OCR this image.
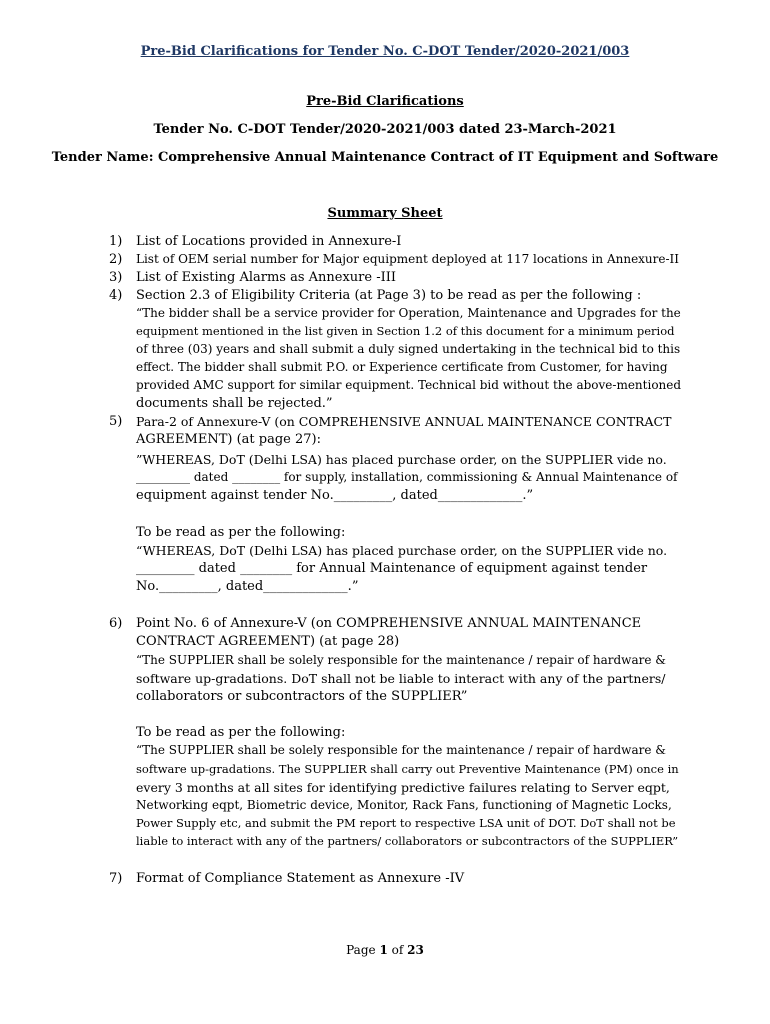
Pre-Bid Clarifications for Tender No. C-DOT Tender/2020-2021/003
Pre-Bid Clarifications
Tender No. C-DOT Tender/2020-2021/003 dated 23-March-2021
Tender Name: Comprehensive Annual Maintenance Contract of IT Equipment and Software
Summary Sheet
1) List of Locations provided in Annexure-I
2) List of OEM serial number for Major equipment deployed at 117 locations in Annexure-II
3) List of Existing Alarms as Annexure -III
4) Section 2.3 of Eligibility Criteria (at Page 3) to be read as per the following :
“The bidder shall be a service provider for Operation, Maintenance and Upgrades for the
equipment mentioned in the list given in Section 1.2 of this document for a minimum period
of three (03) years and shall submit a duly signed undertaking in the technical bid to this
effect. The bidder shall submit P.O. or Experience certificate from Customer, for having
provided AMC support for similar equipment. Technical bid without the above-mentioned
documents shall be rejected.”
5) Para-2 of Annexure-V (on COMPREHENSIVE ANNUAL MAINTENANCE CONTRACT
AGREEMENT) (at page 27):
”WHEREAS, DoT (Delhi LSA) has placed purchase order, on the SUPPLIER vide no.
_________ dated ________ for supply, installation, commissioning & Annual Maintenance of
equipment against tender No._________, dated_____________.”
To be read as per the following:
“WHEREAS, DoT (Delhi LSA) has placed purchase order, on the SUPPLIER vide no.
_________ dated ________ for Annual Maintenance of equipment against tender
No._________, dated_____________.”
6) Point No. 6 of Annexure-V (on COMPREHENSIVE ANNUAL MAINTENANCE
CONTRACT AGREEMENT) (at page 28)
“The SUPPLIER shall be solely responsible for the maintenance / repair of hardware &
software up-gradations. DoT shall not be liable to interact with any of the partners/
collaborators or subcontractors of the SUPPLIER”
To be read as per the following:
“The SUPPLIER shall be solely responsible for the maintenance / repair of hardware &
software up-gradations. The SUPPLIER shall carry out Preventive Maintenance (PM) once in
every 3 months at all sites for identifying predictive failures relating to Server eqpt,
Networking eqpt, Biometric device, Monitor, Rack Fans, functioning of Magnetic Locks,
Power Supply etc, and submit the PM report to respective LSA unit of DOT. DoT shall not be
liable to interact with any of the partners/ collaborators or subcontractors of the SUPPLIER”
7) Format of Compliance Statement as Annexure -IV
Page 1 of 23
